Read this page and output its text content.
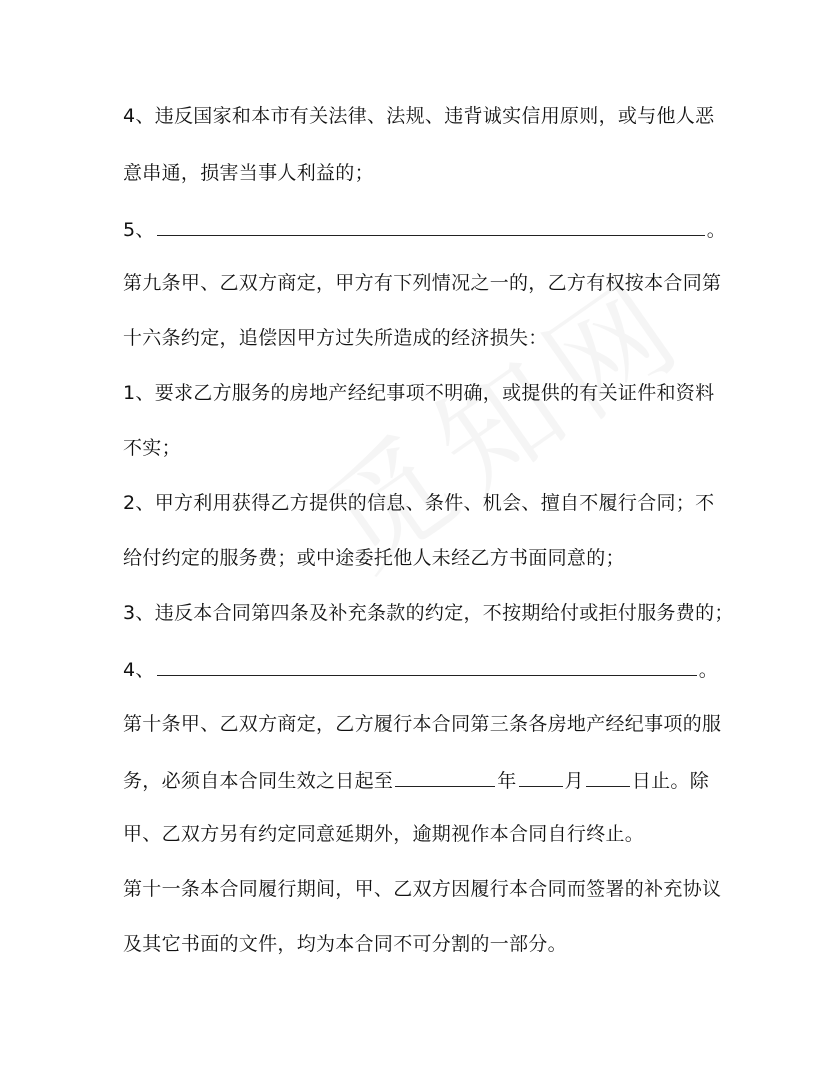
4、违反国家和本市有关法律、法规、违背诚实信用原则，或与他人恶
意串通，损害当事人利益的；
5、	。
第九条甲、乙双方商定，甲方有下列情况之一的，乙方有权按本合同第
十六条约定，追偿因甲方过失所造成的经济损失：
1、要求乙方服务的房地产经纪事项不明确，或提供的有关证件和资料
不实；
2、甲方利用获得乙方提供的信息、条件、机会、擅自不履行合同；不
给付约定的服务费；或中途委托他人未经乙方书面同意的；
3、违反本合同第四条及补充条款的约定，不按期给付或拒付服务费的；
4、	。
第十条甲、乙双方商定，乙方履行本合同第三条各房地产经纪事项的服
务，必须自本合同生效之日起至	年	月	日止。除
甲、乙双方另有约定同意延期外，逾期视作本合同自行终止。
第十一条本合同履行期间，甲、乙双方因履行本合同而签署的补充协议
及其它书面的文件，均为本合同不可分割的一部分。
